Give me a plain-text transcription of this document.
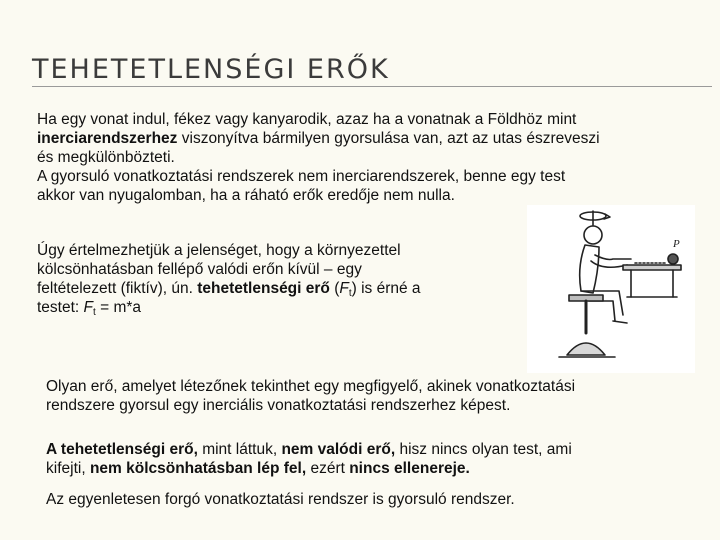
TEHETETLENSÉGI ERŐK
Ha egy vonat indul, fékez vagy kanyarodik, azaz ha a vonatnak a Földhöz mint
inerciarendszerhez viszonyítva bármilyen gyorsulása van, azt az utas észreveszi
és megkülönbözteti.
A gyorsuló vonatkoztatási rendszerek nem inerciarendszerek, benne egy test
akkor van nyugalomban, ha a ráható erők eredője nem nulla.
Úgy értelmezhetjük a jelenséget, hogy a környezettel
kölcsönhatásban fellépő valódi erőn kívül – egy
feltételezett (fiktív), ún. tehetetlenségi erő $(F_t)$ is érné a
testet: $F_t = m*a$
Olyan erő, amelyet létezőnek tekinthet egy megfigyelő, akinek vonatkoztatási
rendszere gyorsul egy inerciális vonatkoztatási rendszerhez képest.
A tehetetlenségi erő, mint láttuk, nem valódi erő, hisz nincs olyan test, ami
kifejti, nem kölcsönhatásban lép fel, ezért nincs ellenereje.
Az egyenletesen forgó vonatkoztatási rendszer is gyorsuló rendszer.
P
